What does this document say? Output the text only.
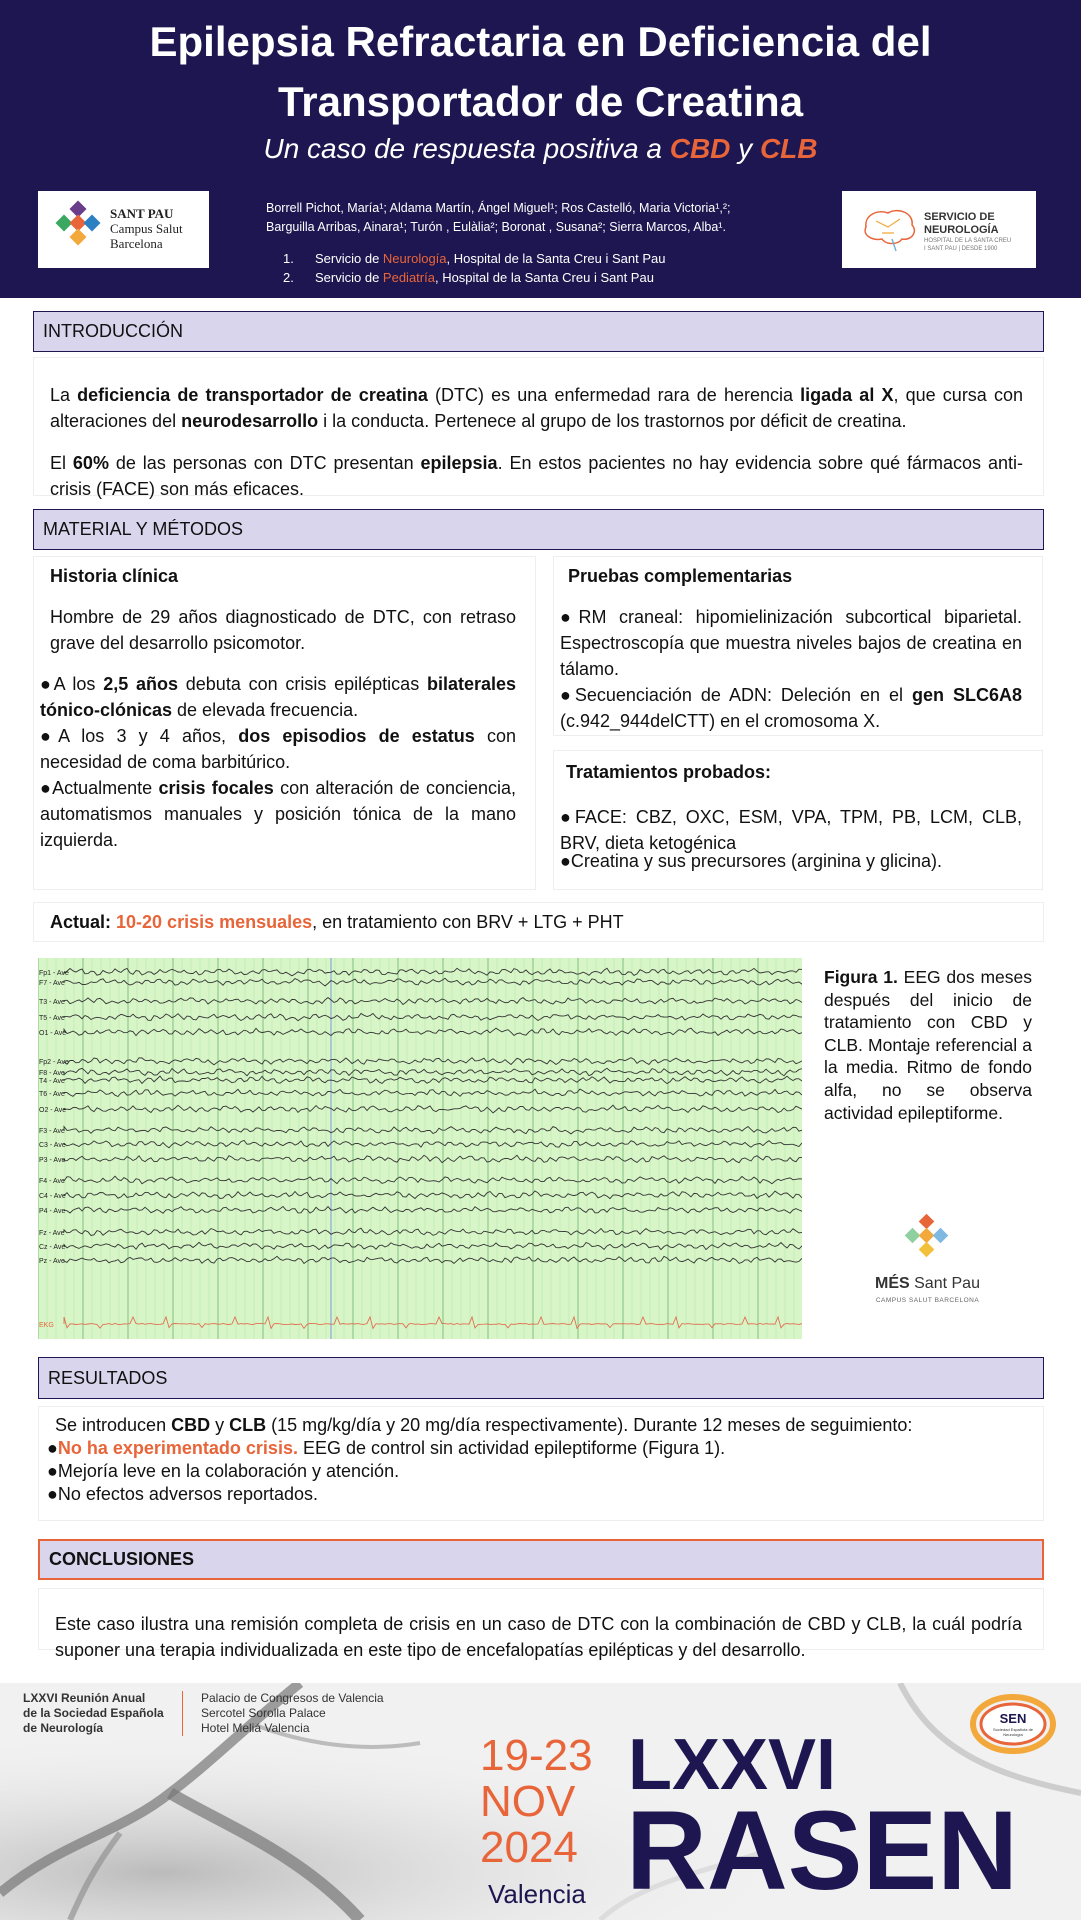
Epilepsia Refractaria en Deficiencia del
Transportador de Creatina
Un caso de respuesta positiva a CBD y CLB
SANT PAU
Campus Salut
Barcelona
Borrell Pichot, María¹; Aldama Martín, Ángel Miguel¹; Ros Castelló, Maria Victoria¹,²;
Barguilla Arribas, Ainara¹; Turón , Eulàlia²; Boronat , Susana²; Sierra Marcos, Alba¹.
1. Servicio de Neurología, Hospital de la Santa Creu i Sant Pau
2. Servicio de Pediatría, Hospital de la Santa Creu i Sant Pau
SERVICIO DE
NEUROLOGÍA
HOSPITAL DE LA SANTA CREU
I SANT PAU | DESDE 1900
INTRODUCCIÓN
La deficiencia de transportador de creatina (DTC) es una enfermedad rara de herencia ligada al X, que cursa con alteraciones del neurodesarrollo i la conducta. Pertenece al grupo de los trastornos por déficit de creatina.
El 60% de las personas con DTC presentan epilepsia. En estos pacientes no hay evidencia sobre qué fármacos anti-crisis (FACE) son más eficaces.
MATERIAL Y MÉTODOS
Historia clínica
Hombre de 29 años diagnosticado de DTC, con retraso grave del desarrollo psicomotor.
●A los 2,5 años debuta con crisis epilépticas bilaterales tónico-clónicas de elevada frecuencia.
●A los 3 y 4 años, dos episodios de estatus con necesidad de coma barbitúrico.
●Actualmente crisis focales con alteración de conciencia, automatismos manuales y posición tónica de la mano izquierda.
Pruebas complementarias
●RM craneal: hipomielinización subcortical biparietal. Espectroscopía que muestra niveles bajos de creatina en tálamo.
●Secuenciación de ADN: Deleción en el gen SLC6A8 (c.942_944delCTT) en el cromosoma X.
Tratamientos probados:
●FACE: CBZ, OXC, ESM, VPA, TPM, PB, LCM, CLB, BRV, dieta ketogénica
●Creatina y sus precursores (arginina y glicina).
Actual: 10-20 crisis mensuales, en tratamiento con BRV + LTG + PHT
Fp1 - Ave
F7 - Ave
T3 - Ave
T5 - Ave
O1 - Ave
Fp2 - Ave
F8 - Ave
T4 - Ave
T6 - Ave
O2 - Ave
F3 - Ave
C3 - Ave
P3 - Ave
F4 - Ave
C4 - Ave
P4 - Ave
Fz - Ave
Cz - Ave
Pz - Ave
EKG
Figura 1. EEG dos meses después del inicio de tratamiento con CBD y CLB. Montaje referencial a la media. Ritmo de fondo alfa, no se observa actividad epileptiforme.
MÉS Sant Pau
CAMPUS SALUT BARCELONA
RESULTADOS
Se introducen CBD y CLB (15 mg/kg/día y 20 mg/día respectivamente). Durante 12 meses de seguimiento:
●No ha experimentado crisis. EEG de control sin actividad epileptiforme (Figura 1).
●Mejoría leve en la colaboración y atención.
●No efectos adversos reportados.
CONCLUSIONES
Este caso ilustra una remisión completa de crisis en un caso de DTC con la combinación de CBD y CLB, la cuál podría suponer una terapia individualizada en este tipo de encefalopatías epilépticas y del desarrollo.
LXXVI Reunión Anual
de la Sociedad Española
de Neurología
Palacio de Congresos de Valencia
Sercotel Sorolla Palace
Hotel Meliá Valencia
19-23
NOV
2024
Valencia
LXXVI
RASEN
SEN
Sociedad Española de Neurología
